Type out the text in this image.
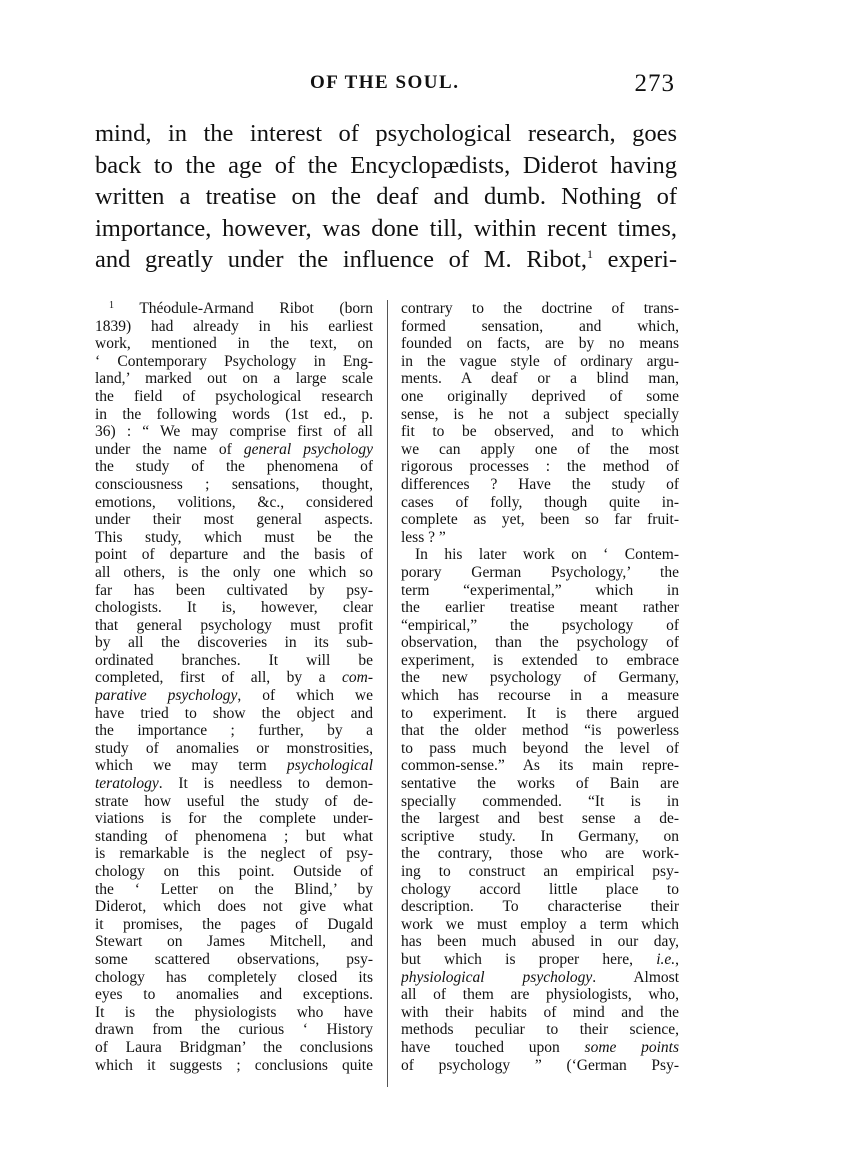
OF THE SOUL.	273
mind, in the interest of psychological research, goes
back to the age of the Encyclopædists, Diderot having
written a treatise on the deaf and dumb. Nothing of
importance, however, was done till, within recent times,
and greatly under the influence of M. Ribot,$^1$ experi-
$^1$ Théodule-Armand Ribot (born
1839) had already in his earliest
work, mentioned in the text, on
‘ Contemporary Psychology in Eng-
land,’ marked out on a large scale
the field of psychological research
in the following words (1st ed., p.
36) : “ We may comprise first of all
under the name of general psychology
the study of the phenomena of
consciousness ; sensations, thought,
emotions, volitions, &c., considered
under their most general aspects.
This study, which must be the
point of departure and the basis of
all others, is the only one which so
far has been cultivated by psy-
chologists. It is, however, clear
that general psychology must profit
by all the discoveries in its sub-
ordinated branches. It will be
completed, first of all, by a com-
parative psychology, of which we
have tried to show the object and
the importance ; further, by a
study of anomalies or monstrosities,
which we may term psychological
teratology. It is needless to demon-
strate how useful the study of de-
viations is for the complete under-
standing of phenomena ; but what
is remarkable is the neglect of psy-
chology on this point. Outside of
the ‘ Letter on the Blind,’ by
Diderot, which does not give what
it promises, the pages of Dugald
Stewart on James Mitchell, and
some scattered observations, psy-
chology has completely closed its
eyes to anomalies and exceptions.
It is the physiologists who have
drawn from the curious ‘ History
of Laura Bridgman’ the conclusions
which it suggests ; conclusions quite
contrary to the doctrine of trans-
formed sensation, and which,
founded on facts, are by no means
in the vague style of ordinary argu-
ments. A deaf or a blind man,
one originally deprived of some
sense, is he not a subject specially
fit to be observed, and to which
we can apply one of the most
rigorous processes : the method of
differences ? Have the study of
cases of folly, though quite in-
complete as yet, been so far fruit-
less ? ”
In his later work on ‘ Contem-
porary German Psychology,’ the
term “experimental,” which in
the earlier treatise meant rather
“empirical,” the psychology of
observation, than the psychology of
experiment, is extended to embrace
the new psychology of Germany,
which has recourse in a measure
to experiment. It is there argued
that the older method “is powerless
to pass much beyond the level of
common-sense.” As its main repre-
sentative the works of Bain are
specially commended. “It is in
the largest and best sense a de-
scriptive study. In Germany, on
the contrary, those who are work-
ing to construct an empirical psy-
chology accord little place to
description. To characterise their
work we must employ a term which
has been much abused in our day,
but which is proper here, i.e.,
physiological psychology. Almost
all of them are physiologists, who,
with their habits of mind and the
methods peculiar to their science,
have touched upon some points
of psychology ” (‘German Psy-
